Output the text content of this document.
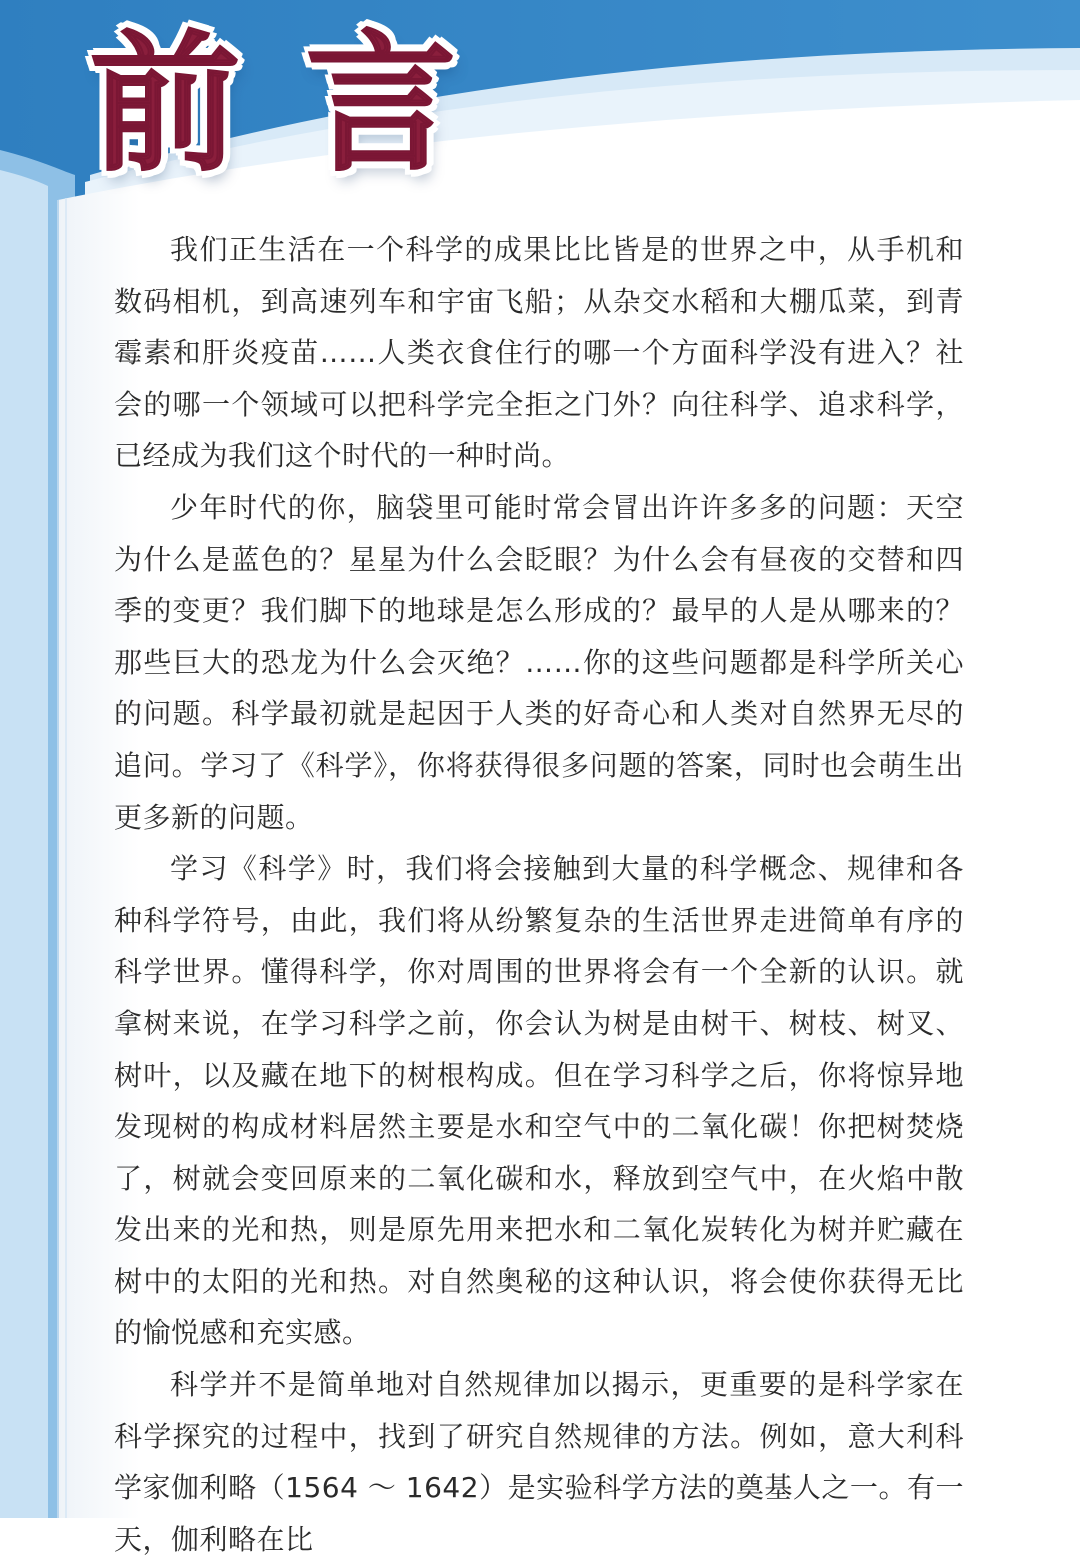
前 言

我们正生活在一个科学的成果比比皆是的世界之中，从手机和数码相机，到高速列车和宇宙飞船；从杂交水稻和大棚瓜菜，到青霉素和肝炎疫苗……人类衣食住行的哪一个方面科学没有进入？社会的哪一个领域可以把科学完全拒之门外？向往科学、追求科学，已经成为我们这个时代的一种时尚。

少年时代的你，脑袋里可能时常会冒出许许多多的问题：天空为什么是蓝色的？星星为什么会眨眼？为什么会有昼夜的交替和四季的变更？我们脚下的地球是怎么形成的？最早的人是从哪来的？那些巨大的恐龙为什么会灭绝？……你的这些问题都是科学所关心的问题。科学最初就是起因于人类的好奇心和人类对自然界无尽的追问。学习了《科学》，你将获得很多问题的答案，同时也会萌生出更多新的问题。

学习《科学》时，我们将会接触到大量的科学概念、规律和各种科学符号，由此，我们将从纷繁复杂的生活世界走进简单有序的科学世界。懂得科学，你对周围的世界将会有一个全新的认识。就拿树来说，在学习科学之前，你会认为树是由树干、树枝、树叉、树叶，以及藏在地下的树根构成。但在学习科学之后，你将惊异地发现树的构成材料居然主要是水和空气中的二氧化碳！你把树焚烧了，树就会变回原来的二氧化碳和水，释放到空气中，在火焰中散发出来的光和热，则是原先用来把水和二氧化炭转化为树并贮藏在树中的太阳的光和热。对自然奥秘的这种认识，将会使你获得无比的愉悦感和充实感。

科学并不是简单地对自然规律加以揭示，更重要的是科学家在科学探究的过程中，找到了研究自然规律的方法。例如，意大利科学家伽利略（1564 ～ 1642）是实验科学方法的奠基人之一。有一天，伽利略在比
